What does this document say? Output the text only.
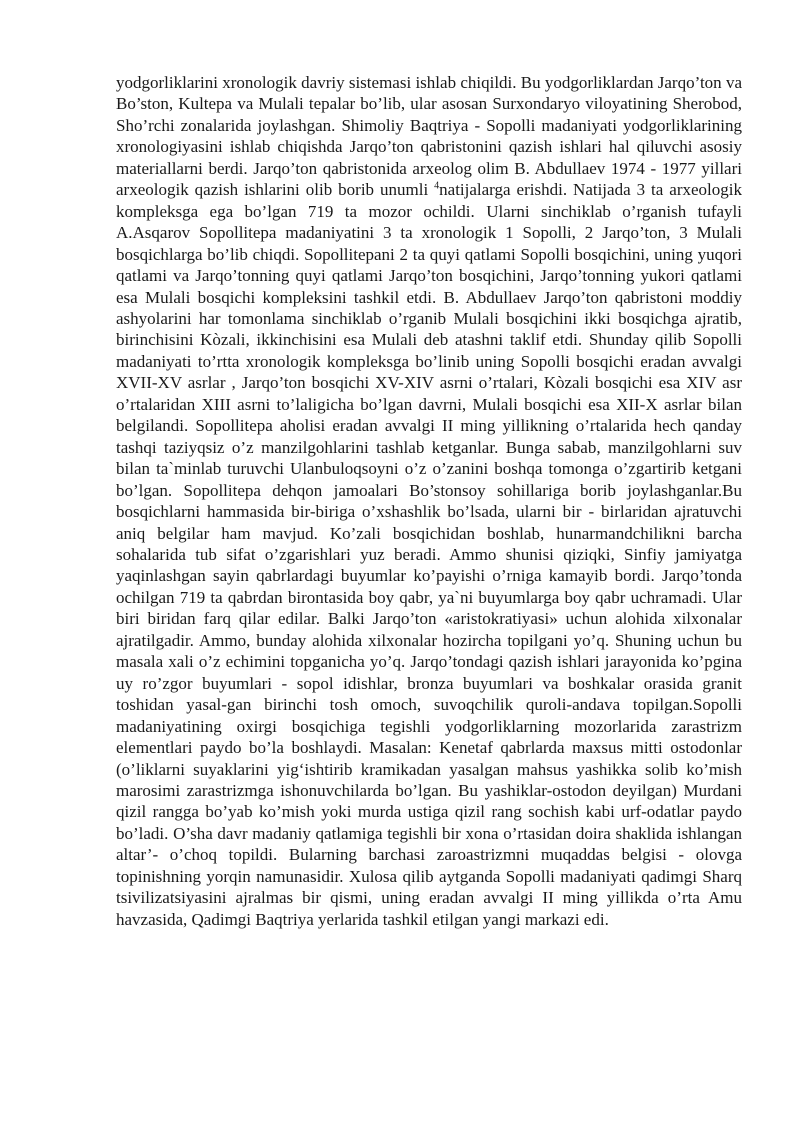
yodgorliklarini xronologik davriy sistemasi ishlab chiqildi. Bu yodgorliklardan Jarqo’ton va Bo’ston, Kultepa va Mulali tepalar bo’lib, ular asosan Surxondaryo viloyatining Sherobod, Sho’rchi zonalarida joylashgan. Shimoliy Baqtriya - Sopolli madaniyati yodgorliklarining xronologiyasini ishlab chiqishda Jarqo’ton qabristonini qazish ishlari hal qiluvchi asosiy materiallarni berdi. Jarqo’ton qabristonida arxeolog olim B. Abdullaev 1974 - 1977 yillari arxeologik qazish ishlarini olib borib unumli $^4$natijalarga erishdi. Natijada 3 ta arxeologik kompleksga ega bo’lgan 719 ta mozor ochildi. Ularni sinchiklab o’rganish tufayli A.Asqarov Sopollitepa madaniyatini 3 ta xronologik 1 Sopolli, 2 Jarqo’ton, 3 Mulali bosqichlarga bo’lib chiqdi. Sopollitepani 2 ta quyi qatlami Sopolli bosqichini, uning yuqori qatlami va Jarqo’tonning quyi qatlami Jarqo’ton bosqichini, Jarqo’tonning yukori qatlami esa Mulali bosqichi kompleksini tashkil etdi. B. Abdullaev Jarqo’ton qabristoni moddiy ashyolarini har tomonlama sinchiklab o’rganib Mulali bosqichini ikki bosqichga ajratib, birinchisini Kòzali, ikkinchisini esa Mulali deb atashni taklif etdi. Shunday qilib Sopolli madaniyati to’rtta xronologik kompleksga bo’linib uning Sopolli bosqichi eradan avvalgi XVII-XV asrlar , Jarqo’ton bosqichi XV-XIV asrni o’rtalari, Kòzali bosqichi esa XIV asr o’rtalaridan XIII asrni to’laligicha bo’lgan davrni, Mulali bosqichi esa XII-X asrlar bilan belgilandi. Sopollitepa aholisi eradan avvalgi II ming yillikning o’rtalarida hech qanday tashqi taziyqsiz o’z manzilgohlarini tashlab ketganlar. Bunga sabab, manzilgohlarni suv bilan ta`minlab turuvchi Ulanbuloqsoyni o’z o’zanini boshqa tomonga o’zgartirib ketgani bo’lgan. Sopollitepa dehqon jamoalari Bo’stonsoy sohillariga borib joylashganlar.Bu bosqichlarni hammasida bir-biriga o’xshashlik bo’lsada, ularni bir - birlaridan ajratuvchi aniq belgilar ham mavjud. Ko’zali bosqichidan boshlab, hunarmandchilikni barcha sohalarida tub sifat o’zgarishlari yuz beradi. Ammo shunisi qiziqki, Sinfiy jamiyatga yaqinlashgan sayin qabrlardagi buyumlar ko’payishi o’rniga kamayib bordi. Jarqo’tonda ochilgan 719 ta qabrdan birontasida boy qabr, ya`ni buyumlarga boy qabr uchramadi. Ular biri biridan farq qilar edilar. Balki Jarqo’ton «aristokratiyasi» uchun alohida xilxonalar ajratilgadir. Ammo, bunday alohida xilxonalar hozircha topilgani yo’q. Shuning uchun bu masala xali o’z echimini topganicha yo’q. Jarqo’tondagi qazish ishlari jarayonida ko’pgina uy ro’zgor buyumlari - sopol idishlar, bronza buyumlari va boshkalar orasida granit toshidan yasal-gan birinchi tosh omoch, suvoqchilik quroli-andava topilgan.Sopolli madaniyatining oxirgi bosqichiga tegishli yodgorliklarning mozorlarida zarastrizm elementlari paydo bo’la boshlaydi. Masalan: Kenetaf qabrlarda maxsus mitti ostodonlar (o’liklarni suyaklarini yig‘ishtirib kramikadan yasalgan mahsus yashikka solib ko’mish marosimi zarastrizmga ishonuvchilarda bo’lgan. Bu yashiklar-ostodon deyilgan) Murdani qizil rangga bo’yab ko’mish yoki murda ustiga qizil rang sochish kabi urf-odatlar paydo bo’ladi. O’sha davr madaniy qatlamiga tegishli bir xona o’rtasidan doira shaklida ishlangan altar’- o’choq topildi. Bularning barchasi zaroastrizmni muqaddas belgisi - olovga topinishning yorqin namunasidir. Xulosa qilib aytganda Sopolli madaniyati qadimgi Sharq tsivilizatsiyasini ajralmas bir qismi, uning eradan avvalgi II ming yillikda o’rta Amu havzasida, Qadimgi Baqtriya yerlarida tashkil etilgan yangi markazi edi.
